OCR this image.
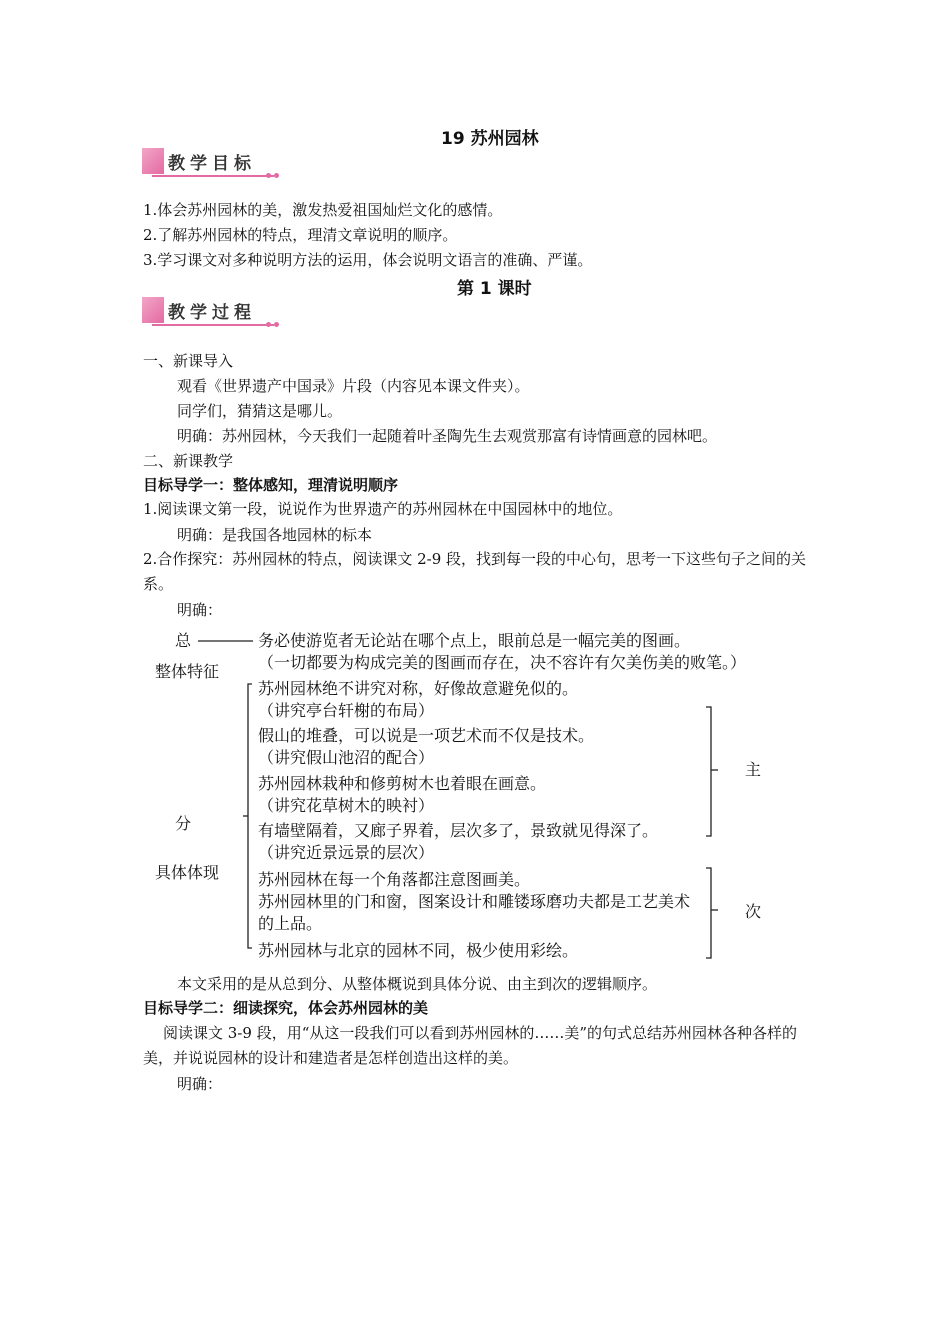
19 苏州园林
教学目标
1.体会苏州园林的美，激发热爱祖国灿烂文化的感情。
2.了解苏州园林的特点，理清文章说明的顺序。
3.学习课文对多种说明方法的运用，体会说明文语言的准确、严谨。
第 1 课时
教学过程
一、新课导入
观看《世界遗产中国录》片段（内容见本课文件夹）。
同学们，猜猜这是哪儿。
明确：苏州园林，今天我们一起随着叶圣陶先生去观赏那富有诗情画意的园林吧。
二、新课教学
目标导学一：整体感知，理清说明顺序
1.阅读课文第一段，说说作为世界遗产的苏州园林在中国园林中的地位。
明确：是我国各地园林的标本
2.合作探究：苏州园林的特点，阅读课文 2-9 段，找到每一段的中心句，思考一下这些句子之间的关系。
明确：
总	务必使游览者无论站在哪个点上，眼前总是一幅完美的图画。
（一切都要为构成完美的图画而存在，决不容许有欠美伤美的败笔。）
整体特征
分
具体体现
苏州园林绝不讲究对称，好像故意避免似的。
（讲究亭台轩榭的布局）
假山的堆叠，可以说是一项艺术而不仅是技术。
（讲究假山池沼的配合）
苏州园林栽种和修剪树木也着眼在画意。
（讲究花草树木的映衬）
有墙壁隔着，又廊子界着，层次多了，景致就见得深了。
（讲究近景远景的层次）
苏州园林在每一个角落都注意图画美。
苏州园林里的门和窗，图案设计和雕镂琢磨功夫都是工艺美术的上品。
苏州园林与北京的园林不同，极少使用彩绘。
主
次
本文采用的是从总到分、从整体概说到具体分说、由主到次的逻辑顺序。
目标导学二：细读探究，体会苏州园林的美
阅读课文 3-9 段，用“从这一段我们可以看到苏州园林的……美”的句式总结苏州园林各种各样的美，并说说园林的设计和建造者是怎样创造出这样的美。
明确：
